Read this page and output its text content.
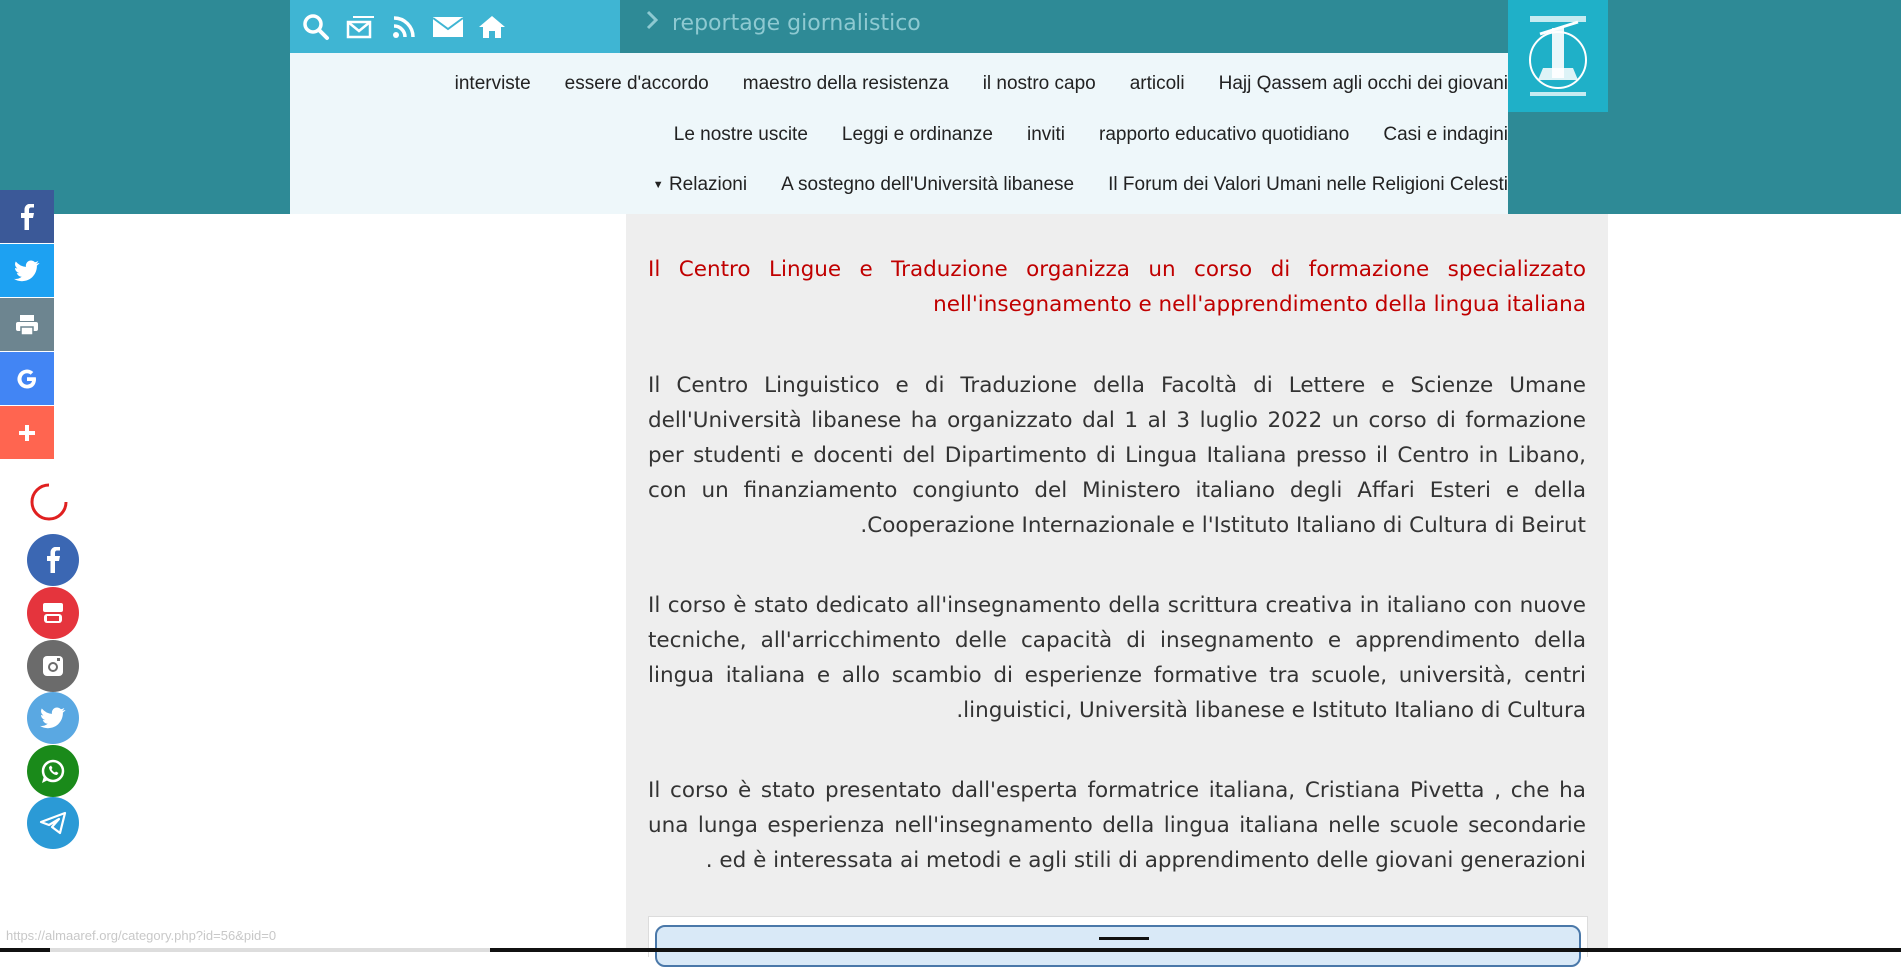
reportage giornalistico
interviste essere d'accordo maestro della resistenza il nostro capo articoli Hajj Qassem agli occhi dei giovani
Le nostre uscite Leggi e ordinanze inviti rapporto educativo quotidiano Casi e indagini
▼ Relazioni A sostegno dell'Università libanese Il Forum dei Valori Umani nelle Religioni Celesti

Il Centro Lingue e Traduzione organizza un corso di formazione specializzato nell'insegnamento e nell'apprendimento della lingua italiana

Il Centro Linguistico e di Traduzione della Facoltà di Lettere e Scienze Umane dell'Università libanese ha organizzato dal 1 al 3 luglio 2022 un corso di formazione per studenti e docenti del Dipartimento di Lingua Italiana presso il Centro in Libano, con un finanziamento congiunto del Ministero italiano degli Affari Esteri e della Cooperazione Internazionale e l'Istituto Italiano di Cultura di Beirut.

Il corso è stato dedicato all'insegnamento della scrittura creativa in italiano con nuove tecniche, all'arricchimento delle capacità di insegnamento e apprendimento della lingua italiana e allo scambio di esperienze formative tra scuole, università, centri linguistici, Università libanese e Istituto Italiano di Cultura.

Il corso è stato presentato dall'esperta formatrice italiana, Cristiana Pivetta , che ha una lunga esperienza nell'insegnamento della lingua italiana nelle scuole secondarie ed è interessata ai metodi e agli stili di apprendimento delle giovani generazioni .

https://almaaref.org/category.php?id=56&pid=0
